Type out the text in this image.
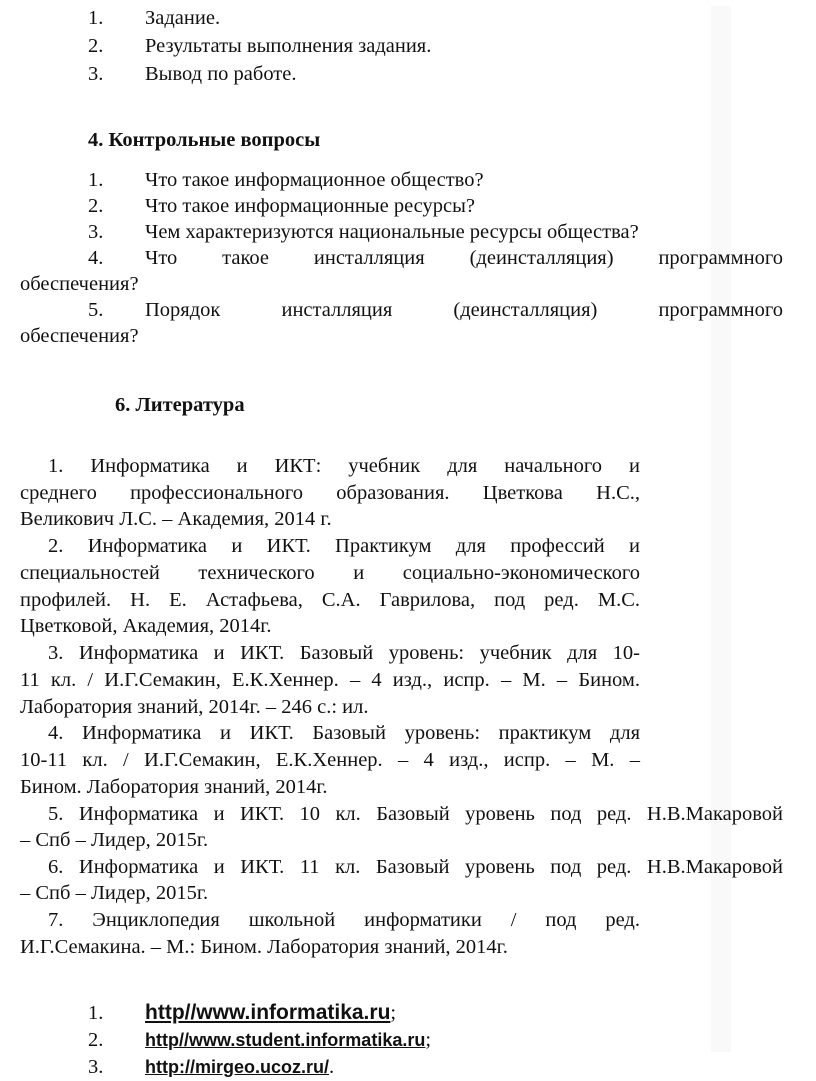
1. Задание.
2. Результаты выполнения задания.
3. Вывод по работе.
4. Контрольные вопросы
1. Что такое информационное общество?
2. Что такое информационные ресурсы?
3. Чем характеризуются национальные ресурсы общества?
4. Что такое инсталляция (деинсталляция) программного
обеспечения?
5. Порядок инсталляция (деинсталляция) программного
обеспечения?
6. Литература
1. Информатика и ИКТ: учебник для начального и
среднего профессионального образования. Цветкова Н.С.,
Великович Л.С. – Академия, 2014 г.
2. Информатика и ИКТ. Практикум для профессий и
специальностей технического и социально-экономического
профилей. Н. Е. Астафьева, С.А. Гаврилова, под ред. М.С.
Цветковой, Академия, 2014г.
3. Информатика и ИКТ. Базовый уровень: учебник для 10-
11 кл. / И.Г.Семакин, Е.К.Хеннер. – 4 изд., испр. – М. – Бином.
Лаборатория знаний, 2014г. – 246 с.: ил.
4. Информатика и ИКТ. Базовый уровень: практикум для
10-11 кл. / И.Г.Семакин, Е.К.Хеннер. – 4 изд., испр. – М. –
Бином. Лаборатория знаний, 2014г.
5. Информатика и ИКТ. 10 кл. Базовый уровень под ред. Н.В.Макаровой
– Спб – Лидер, 2015г.
6. Информатика и ИКТ. 11 кл. Базовый уровень под ред. Н.В.Макаровой
– Спб – Лидер, 2015г.
7. Энциклопедия школьной информатики / под ред.
И.Г.Семакина. – М.: Бином. Лаборатория знаний, 2014г.
1. http//www.informatika.ru;
2. http//www.student.informatika.ru;
3. http://mirgeo.ucoz.ru/.
